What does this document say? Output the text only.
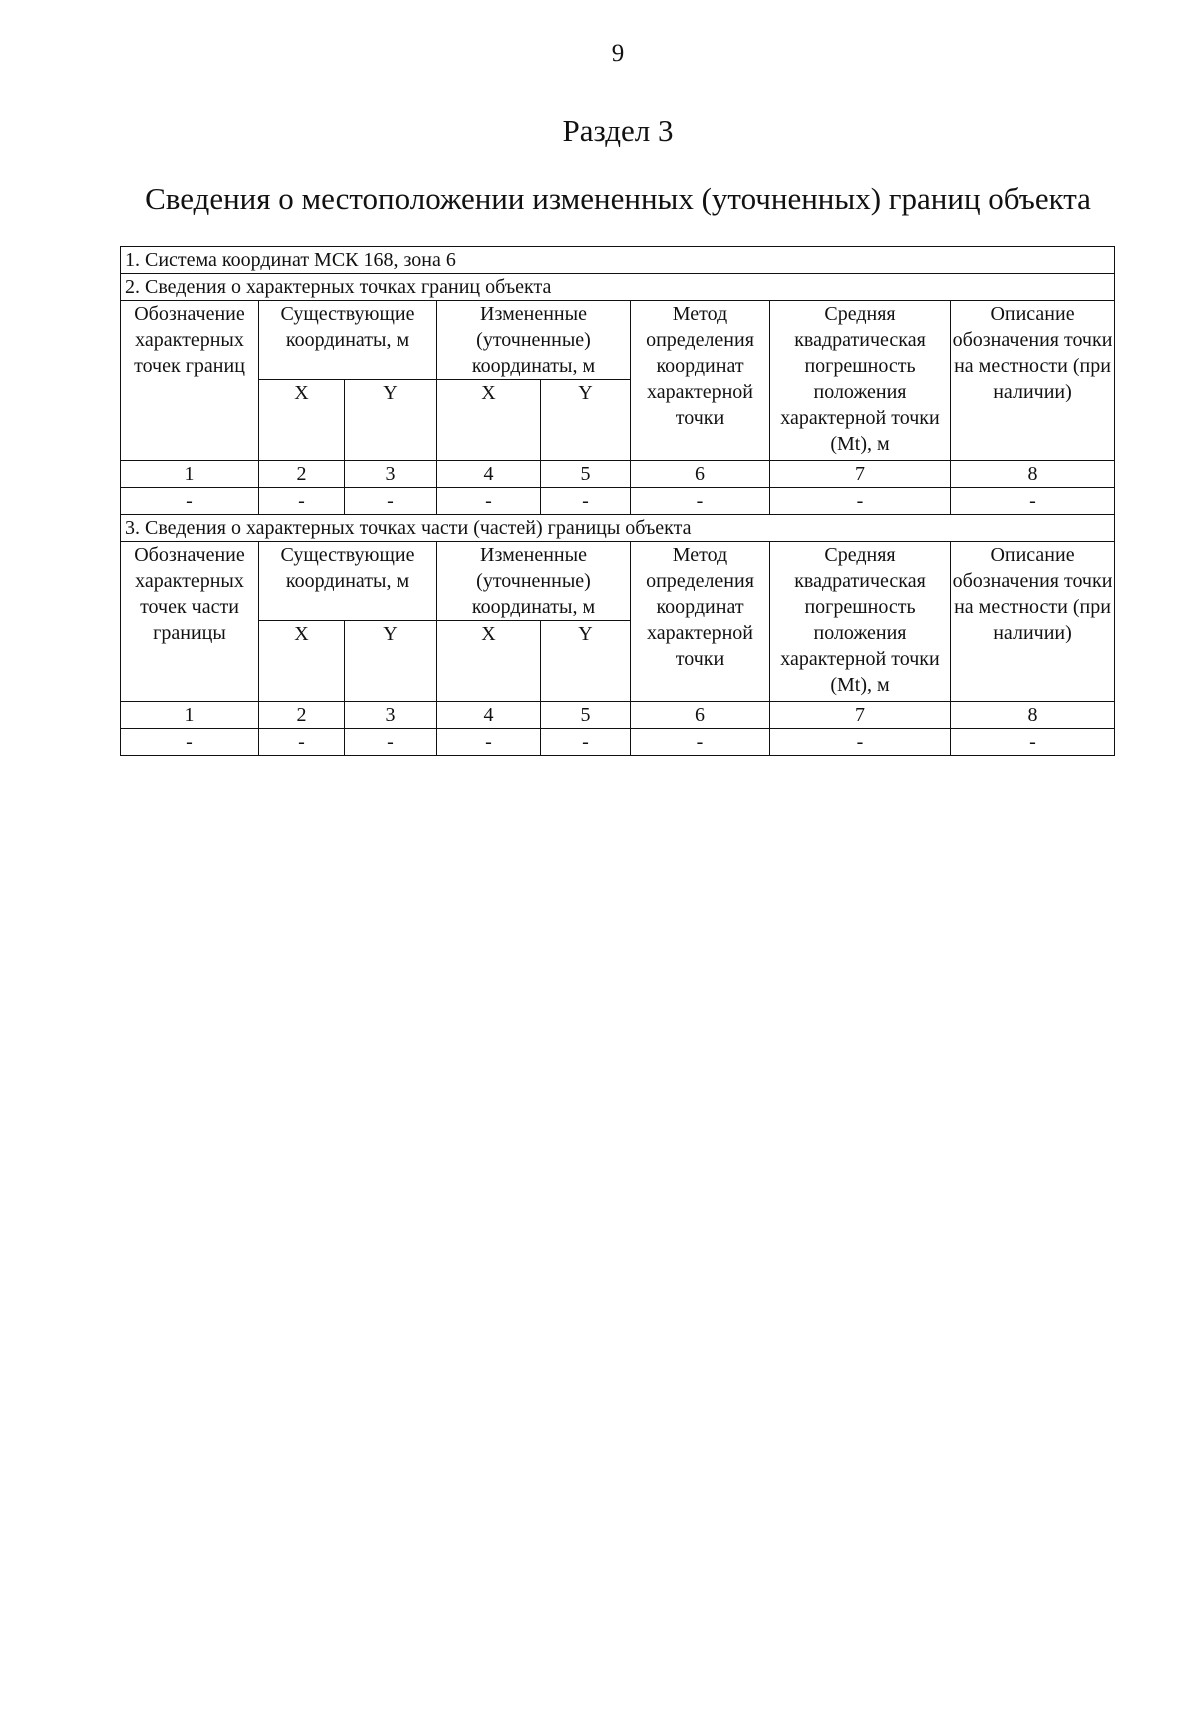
9
Раздел 3
Сведения о местоположении измененных (уточненных) границ объекта
1. Система координат МСК 168, зона 6							
2. Сведения о характерных точках границ объекта							
Обозначение характерных точек границ	Существующие координаты, м		Измененные (уточненные) координаты, м		Метод определения координат характерной точки	Средняя квадратическая погрешность положения характерной точки (Mt), м	Описание обозначения точки на местности (при наличии)
	X	Y	X	Y			
1	2	3	4	5	6	7	8
-	-	-	-	-	-	-	-
3. Сведения о характерных точках части (частей) границы объекта							
Обозначение характерных точек части границы	Существующие координаты, м		Измененные (уточненные) координаты, м		Метод определения координат характерной точки	Средняя квадратическая погрешность положения характерной точки (Mt), м	Описание обозначения точки на местности (при наличии)
	X	Y	X	Y			
1	2	3	4	5	6	7	8
-	-	-	-	-	-	-	-
